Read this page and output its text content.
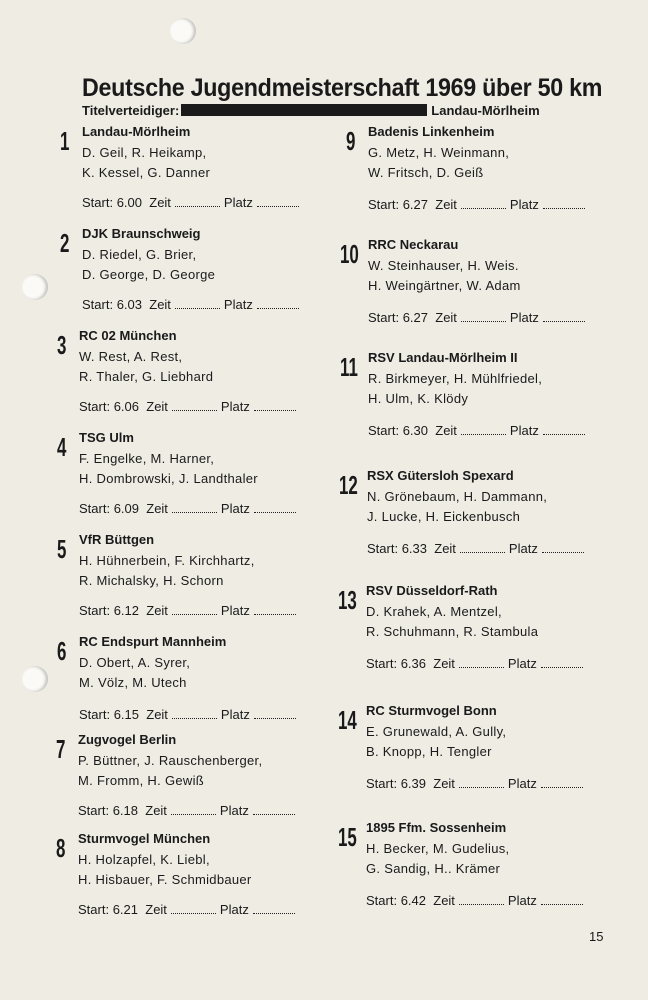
Deutsche Jugendmeisterschaft 1969 über 50 km
Titelverteidiger:	Landau-Mörlheim
1 Landau-Mörlheim
D. Geil, R. Heikamp,
K. Kessel, G. Danner
Start: 6.00 Zeit	Platz
2 DJK Braunschweig
D. Riedel, G. Brier,
D. George, D. George
Start: 6.03 Zeit	Platz
3 RC 02 München
W. Rest, A. Rest,
R. Thaler, G. Liebhard
Start: 6.06 Zeit	Platz
4 TSG Ulm
F. Engelke, M. Harner,
H. Dombrowski, J. Landthaler
Start: 6.09 Zeit	Platz
5 VfR Büttgen
H. Hühnerbein, F. Kirchhartz,
R. Michalsky, H. Schorn
Start: 6.12 Zeit	Platz
6 RC Endspurt Mannheim
D. Obert, A. Syrer,
M. Völz, M. Utech
Start: 6.15 Zeit	Platz
7 Zugvogel Berlin
P. Büttner, J. Rauschenberger,
M. Fromm, H. Gewiß
Start: 6.18 Zeit	Platz
8 Sturmvogel München
H. Holzapfel, K. Liebl,
H. Hisbauer, F. Schmidbauer
Start: 6.21 Zeit	Platz
9 Badenis Linkenheim
G. Metz, H. Weinmann,
W. Fritsch, D. Geiß
Start: 6.27 Zeit	Platz
10 RRC Neckarau
W. Steinhauser, H. Weis.
H. Weingärtner, W. Adam
Start: 6.27 Zeit	Platz
11 RSV Landau-Mörlheim II
R. Birkmeyer, H. Mühlfriedel,
H. Ulm, K. Klödy
Start: 6.30 Zeit	Platz
12 RSX Gütersloh Spexard
N. Grönebaum, H. Dammann,
J. Lucke, H. Eickenbusch
Start: 6.33 Zeit	Platz
13 RSV Düsseldorf-Rath
D. Krahek, A. Mentzel,
R. Schuhmann, R. Stambula
Start: 6.36 Zeit	Platz
14 RC Sturmvogel Bonn
E. Grunewald, A. Gully,
B. Knopp, H. Tengler
Start: 6.39 Zeit	Platz
15 1895 Ffm. Sossenheim
H. Becker, M. Gudelius,
G. Sandig, H.. Krämer
Start: 6.42 Zeit	Platz
15
